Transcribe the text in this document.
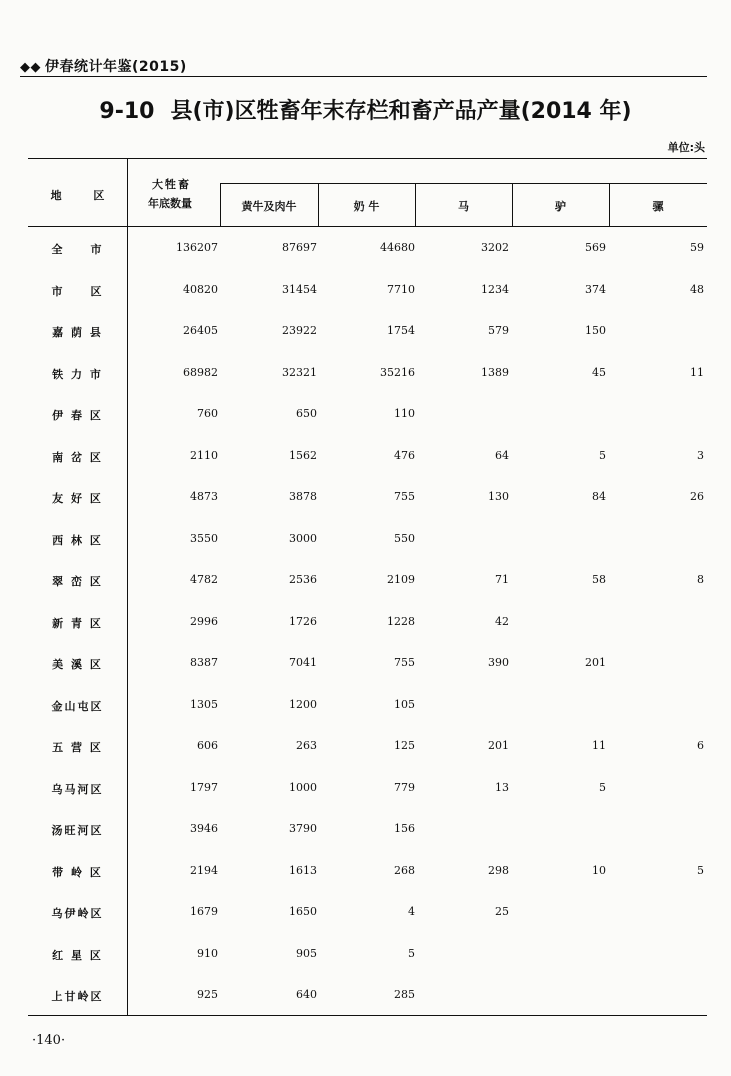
◆◆ 伊春统计年鉴(2015)
9-10 县(市)区牲畜年末存栏和畜产品产量(2014 年)
单位:头
地 区
大牲畜
年底数量	黄牛及肉牛	奶 牛	马	驴	骡
全　　市	136207	87697	44680	3202	569	59
市　　区	40820	31454	7710	1234	374	48
嘉 荫 县	26405	23922	1754	579	150
铁 力 市	68982	32321	35216	1389	45	11
伊 春 区	760	650	110
南 岔 区	2110	1562	476	64	5	3
友 好 区	4873	3878	755	130	84	26
西 林 区	3550	3000	550
翠 峦 区	4782	2536	2109	71	58	8
新 青 区	2996	1726	1228	42
美 溪 区	8387	7041	755	390	201
金山屯区	1305	1200	105
五 营 区	606	263	125	201	11	6
乌马河区	1797	1000	779	13	5
汤旺河区	3946	3790	156
带 岭 区	2194	1613	268	298	10	5
乌伊岭区	1679	1650	4	25
红 星 区	910	905	5
上甘岭区	925	640	285
·140·
